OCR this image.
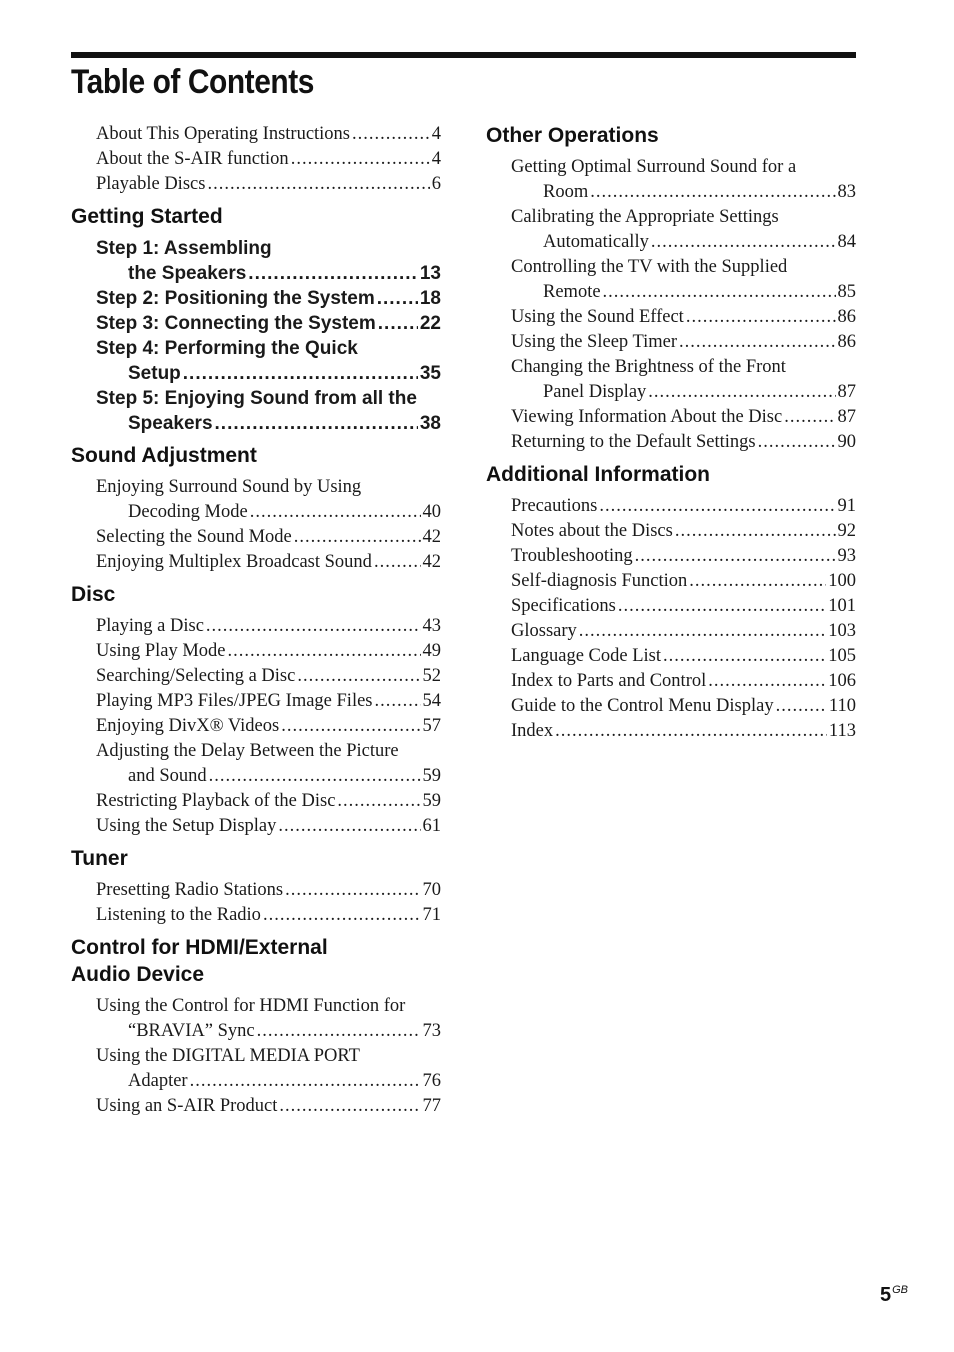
Table of Contents
About This Operating Instructions .....	4
About the S-AIR function .....	4
Playable Discs .....	6
Getting Started
Step 1: Assembling
the Speakers .....	13
Step 2: Positioning the System ..... 18
Step 3: Connecting the System ..... 22
Step 4: Performing the Quick
Setup .....	35
Step 5: Enjoying Sound from all the
Speakers .....	38
Sound Adjustment
Enjoying Surround Sound by Using
Decoding Mode .....	40
Selecting the Sound Mode .....	42
Enjoying Multiplex Broadcast Sound .....	42
Disc
Playing a Disc .....	43
Using Play Mode .....	49
Searching/Selecting a Disc .....	52
Playing MP3 Files/JPEG Image Files .....	54
Enjoying DivX® Videos .....	57
Adjusting the Delay Between the Picture
and Sound .....	59
Restricting Playback of the Disc .....	59
Using the Setup Display .....	61
Tuner
Presetting Radio Stations .....	70
Listening to the Radio .....	71
Control for HDMI/External
Audio Device
Using the Control for HDMI Function for
“BRAVIA” Sync .....	73
Using the DIGITAL MEDIA PORT
Adapter .....	76
Using an S-AIR Product .....	77
Other Operations
Getting Optimal Surround Sound for a
Room .....	83
Calibrating the Appropriate Settings
Automatically .....	84
Controlling the TV with the Supplied
Remote .....	85
Using the Sound Effect .....	86
Using the Sleep Timer .....	86
Changing the Brightness of the Front
Panel Display .....	87
Viewing Information About the Disc .....	87
Returning to the Default Settings .....	90
Additional Information
Precautions .....	91
Notes about the Discs .....	92
Troubleshooting .....	93
Self-diagnosis Function .....	100
Specifications .....	101
Glossary .....	103
Language Code List .....	105
Index to Parts and Control .....	106
Guide to the Control Menu Display .....	110
Index .....	113
$5^{GB}$
